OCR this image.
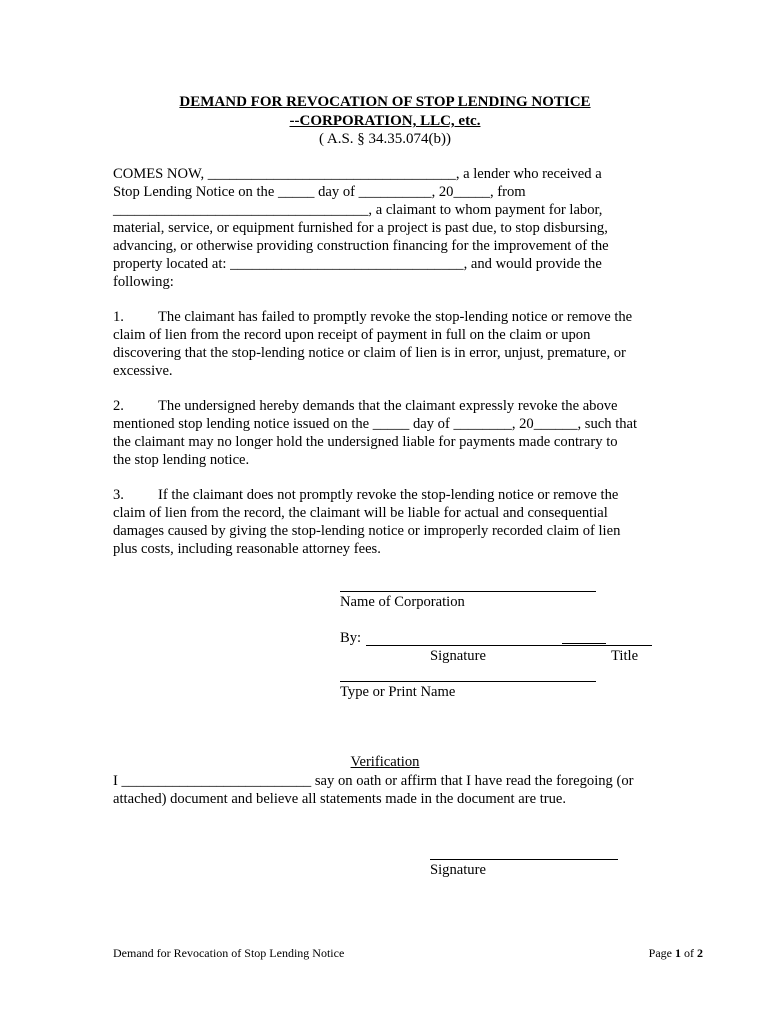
DEMAND FOR REVOCATION OF STOP LENDING NOTICE
--CORPORATION, LLC, etc.
( A.S. § 34.35.074(b))
COMES NOW, __________________________________, a lender who received a
Stop Lending Notice on the _____ day of __________, 20_____, from
___________________________________, a claimant to whom payment for labor,
material, service, or equipment furnished for a project is past due, to stop disbursing,
advancing, or otherwise providing construction financing for the improvement of the
property located at: ________________________________, and would provide the
following:
1. The claimant has failed to promptly revoke the stop-lending notice or remove the
claim of lien from the record upon receipt of payment in full on the claim or upon
discovering that the stop-lending notice or claim of lien is in error, unjust, premature, or
excessive.
2. The undersigned hereby demands that the claimant expressly revoke the above
mentioned stop lending notice issued on the _____ day of ________, 20______, such that
the claimant may no longer hold the undersigned liable for payments made contrary to
the stop lending notice.
3. If the claimant does not promptly revoke the stop-lending notice or remove the
claim of lien from the record, the claimant will be liable for actual and consequential
damages caused by giving the stop-lending notice or improperly recorded claim of lien
plus costs, including reasonable attorney fees.
Name of Corporation
By:
Signature	Title
Type or Print Name
Verification
I __________________________ say on oath or affirm that I have read the foregoing (or
attached) document and believe all statements made in the document are true.
Signature
Demand for Revocation of Stop Lending Notice	Page 1 of 2
